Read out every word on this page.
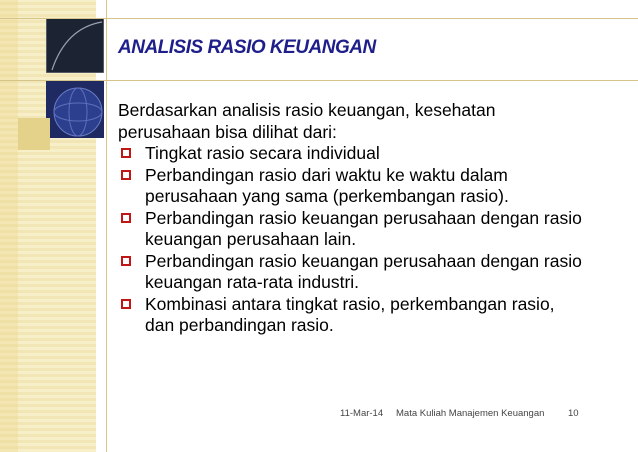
ANALISIS RASIO KEUANGAN

Berdasarkan analisis rasio keuangan, kesehatan perusahaan bisa dilihat dari:

Tingkat rasio secara individual

Perbandingan rasio dari waktu ke waktu dalam perusahaan yang sama (perkembangan rasio).

Perbandingan rasio keuangan perusahaan dengan rasio keuangan perusahaan lain.

Perbandingan rasio keuangan perusahaan dengan rasio keuangan rata-rata industri.

Kombinasi antara tingkat rasio, perkembangan rasio, dan perbandingan rasio.

11-Mar-14 Mata Kuliah Manajemen Keuangan 10
